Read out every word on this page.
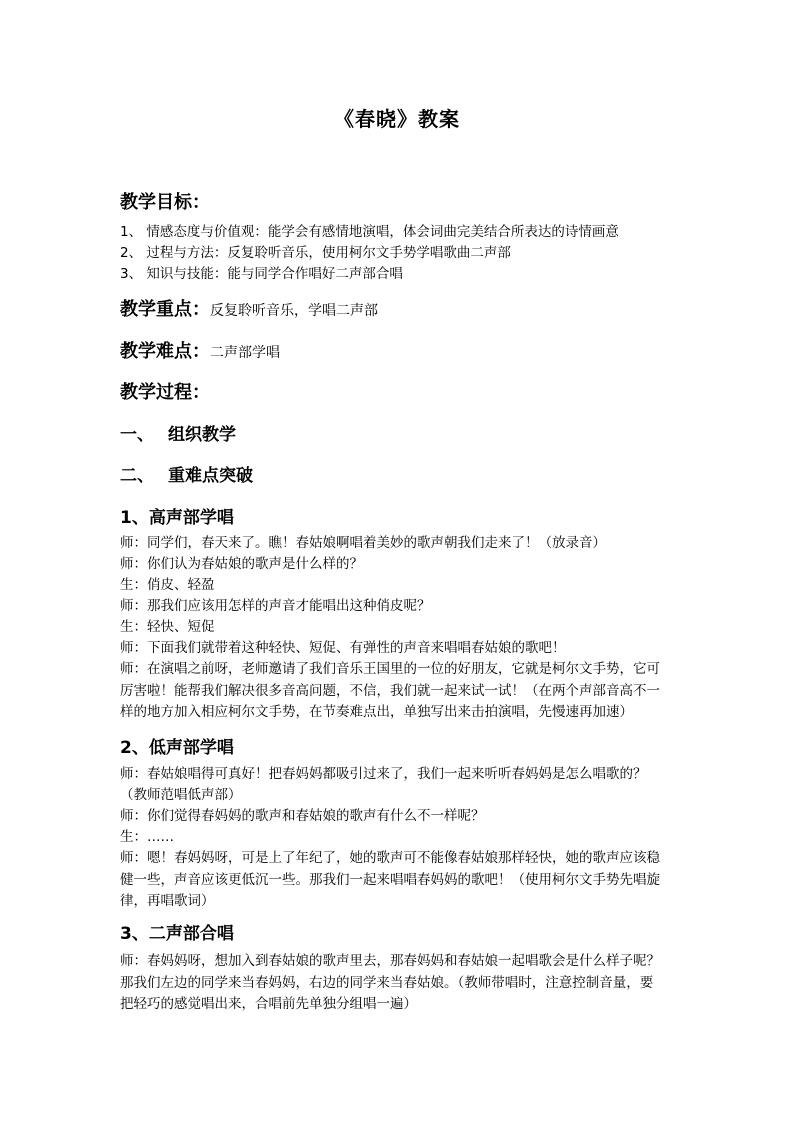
《春晓》教案
教学目标：
1、 情感态度与价值观：能学会有感情地演唱，体会词曲完美结合所表达的诗情画意
2、 过程与方法：反复聆听音乐，使用柯尔文手势学唱歌曲二声部
3、 知识与技能：能与同学合作唱好二声部合唱
教学重点：反复聆听音乐，学唱二声部
教学难点：二声部学唱
教学过程：
一、 组织教学
二、 重难点突破
1、高声部学唱
师：同学们，春天来了。瞧！春姑娘啊唱着美妙的歌声朝我们走来了！（放录音）
师：你们认为春姑娘的歌声是什么样的？
生：俏皮、轻盈
师：那我们应该用怎样的声音才能唱出这种俏皮呢？
生：轻快、短促
师：下面我们就带着这种轻快、短促、有弹性的声音来唱唱春姑娘的歌吧！
师：在演唱之前呀，老师邀请了我们音乐王国里的一位的好朋友，它就是柯尔文手势，它可
厉害啦！能帮我们解决很多音高问题，不信，我们就一起来试一试！（在两个声部音高不一
样的地方加入相应柯尔文手势，在节奏难点出，单独写出来击拍演唱，先慢速再加速）
2、低声部学唱
师：春姑娘唱得可真好！把春妈妈都吸引过来了，我们一起来听听春妈妈是怎么唱歌的？
（教师范唱低声部）
师：你们觉得春妈妈的歌声和春姑娘的歌声有什么不一样呢？
生：……
师：嗯！春妈妈呀，可是上了年纪了，她的歌声可不能像春姑娘那样轻快，她的歌声应该稳
健一些，声音应该更低沉一些。那我们一起来唱唱春妈妈的歌吧！（使用柯尔文手势先唱旋
律，再唱歌词）
3、二声部合唱
师：春妈妈呀，想加入到春姑娘的歌声里去，那春妈妈和春姑娘一起唱歌会是什么样子呢？
那我们左边的同学来当春妈妈，右边的同学来当春姑娘。（教师带唱时，注意控制音量，要
把轻巧的感觉唱出来，合唱前先单独分组唱一遍）
